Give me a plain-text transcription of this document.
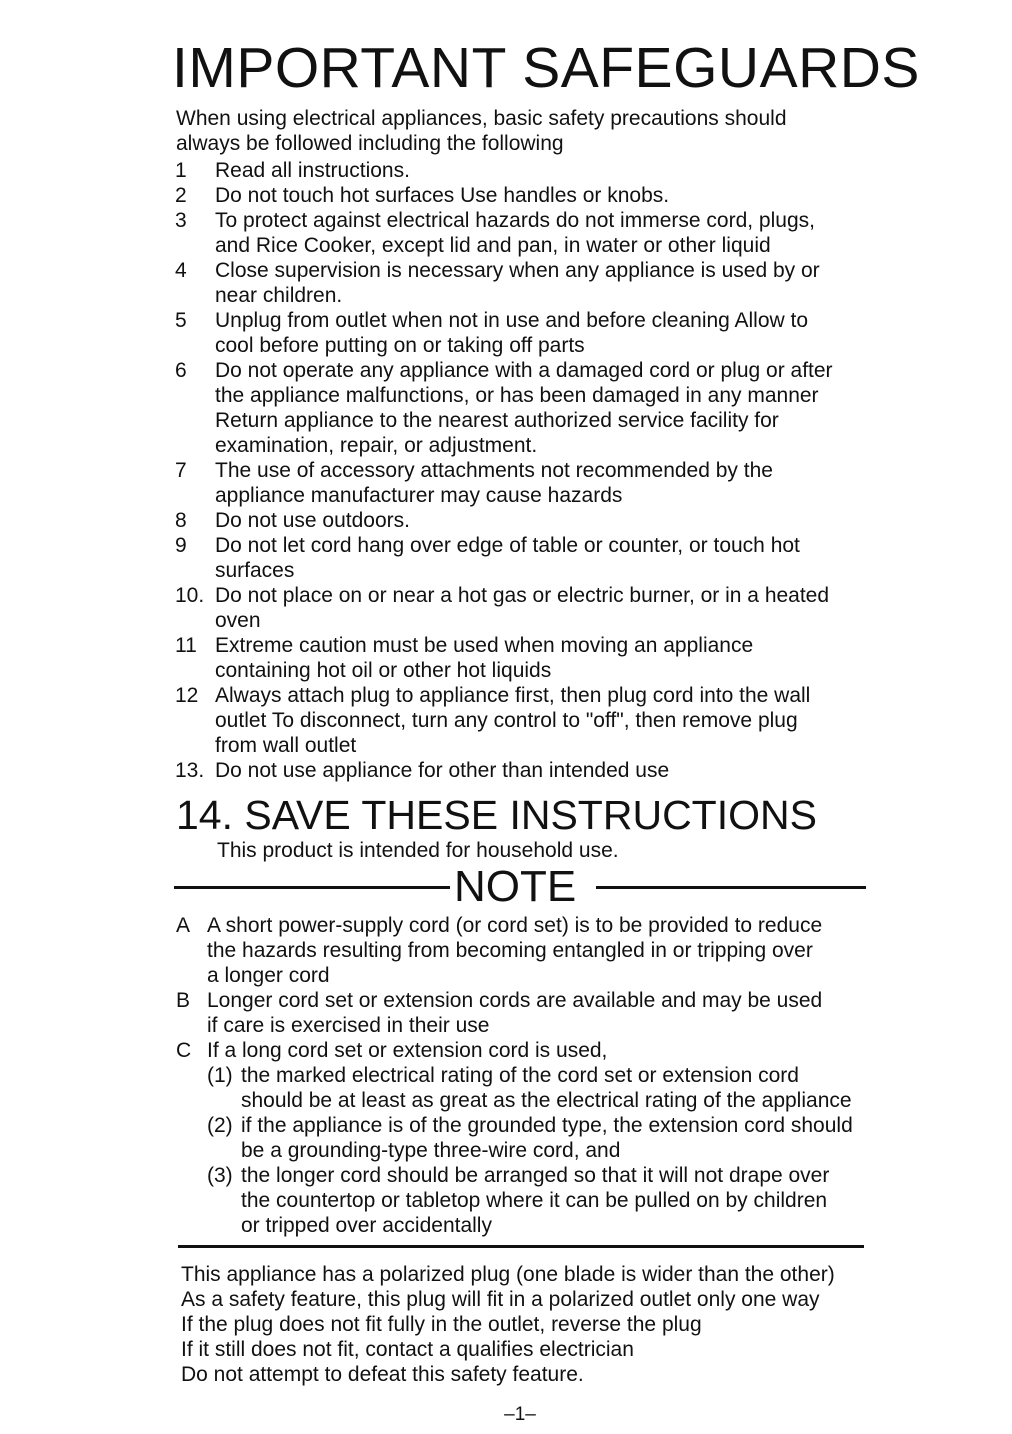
IMPORTANT SAFEGUARDS
When using electrical appliances, basic safety precautions should
always be followed including the following
1 Read all instructions.
2 Do not touch hot surfaces Use handles or knobs.
3 To protect against electrical hazards do not immerse cord, plugs,
and Rice Cooker, except lid and pan, in water or other liquid
4 Close supervision is necessary when any appliance is used by or
near children.
5 Unplug from outlet when not in use and before cleaning Allow to
cool before putting on or taking off parts
6 Do not operate any appliance with a damaged cord or plug or after
the appliance malfunctions, or has been damaged in any manner
Return appliance to the nearest authorized service facility for
examination, repair, or adjustment.
7 The use of accessory attachments not recommended by the
appliance manufacturer may cause hazards
8 Do not use outdoors.
9 Do not let cord hang over edge of table or counter, or touch hot
surfaces
10. Do not place on or near a hot gas or electric burner, or in a heated
oven
11 Extreme caution must be used when moving an appliance
containing hot oil or other hot liquids
12 Always attach plug to appliance first, then plug cord into the wall
outlet To disconnect, turn any control to "off", then remove plug
from wall outlet
13. Do not use appliance for other than intended use
14. SAVE THESE INSTRUCTIONS
This product is intended for household use.
NOTE
A A short power-supply cord (or cord set) is to be provided to reduce
the hazards resulting from becoming entangled in or tripping over
a longer cord
B Longer cord set or extension cords are available and may be used
if care is exercised in their use
C If a long cord set or extension cord is used,
(1) the marked electrical rating of the cord set or extension cord
should be at least as great as the electrical rating of the appliance
(2) if the appliance is of the grounded type, the extension cord should
be a grounding-type three-wire cord, and
(3) the longer cord should be arranged so that it will not drape over
the countertop or tabletop where it can be pulled on by children
or tripped over accidentally
This appliance has a polarized plug (one blade is wider than the other)
As a safety feature, this plug will fit in a polarized outlet only one way
If the plug does not fit fully in the outlet, reverse the plug
If it still does not fit, contact a qualifies electrician
Do not attempt to defeat this safety feature.
–1–
